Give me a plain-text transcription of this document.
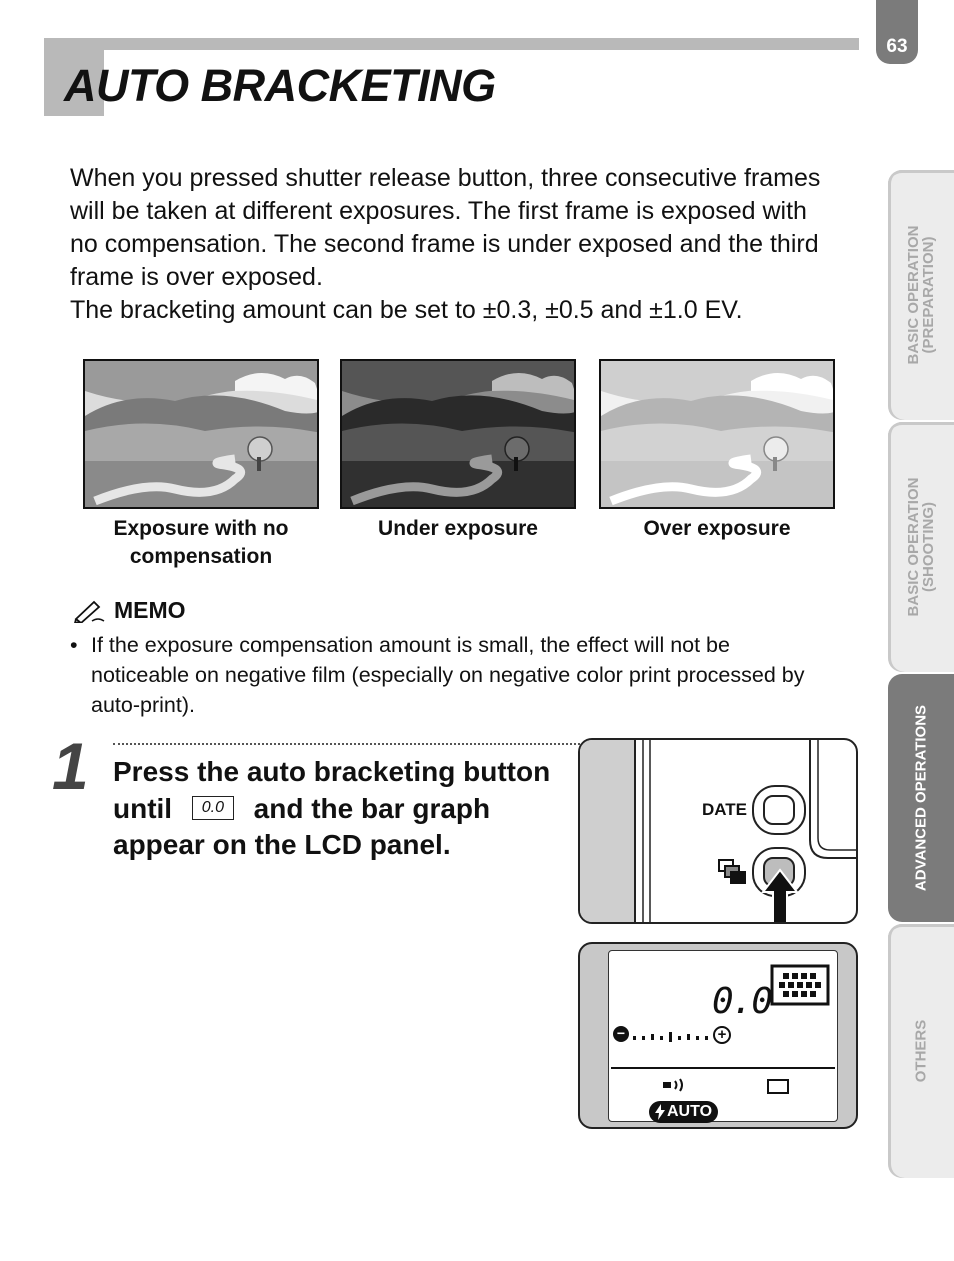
AUTO BRACKETING
63

When you pressed shutter release button, three consecutive frames will be taken at different exposures. The first frame is exposed with no compensation. The second frame is under exposed and the third frame is over exposed.

The bracketing amount can be set to ±0.3, ±0.5 and ±1.0 EV.

Exposure with no compensation
Under exposure	Over exposure
MEMO
• If the exposure compensation amount is small, the effect will not be noticeable on negative film (especially on negative color print processed by auto-print).
1 Press the auto bracketing button until 0.0 and the bar graph appear on the LCD panel.
DATE
0.0
−	+
AUTO
BASIC OPERATION
(PREPARATION)
BASIC OPERATION
(SHOOTING)
ADVANCED OPERATIONS
OTHERS
